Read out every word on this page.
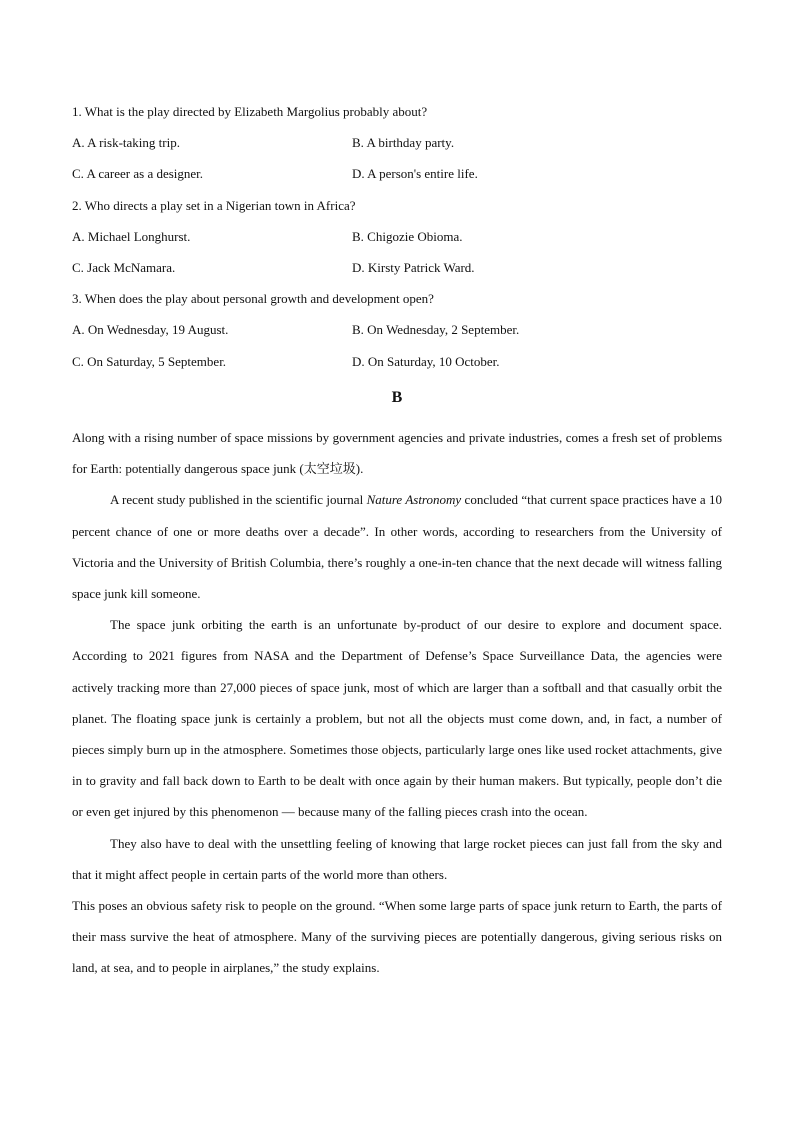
1. What is the play directed by Elizabeth Margolius probably about?
A. A risk-taking trip.	B. A birthday party.
C. A career as a designer.	D. A person's entire life.
2. Who directs a play set in a Nigerian town in Africa?
A. Michael Longhurst.	B. Chigozie Obioma.
C. Jack McNamara.	D. Kirsty Patrick Ward.
3. When does the play about personal growth and development open?
A. On Wednesday, 19 August.	B. On Wednesday, 2 September.
C. On Saturday, 5 September.	D. On Saturday, 10 October.
B

Along with a rising number of space missions by government agencies and private industries, comes a fresh set of problems for Earth: potentially dangerous space junk (太空垃圾).

A recent study published in the scientific journal Nature Astronomy concluded “that current space practices have a 10 percent chance of one or more deaths over a decade”. In other words, according to researchers from the University of Victoria and the University of British Columbia, there’s roughly a one-in-ten chance that the next decade will witness falling space junk kill someone.

The space junk orbiting the earth is an unfortunate by-product of our desire to explore and document space. According to 2021 figures from NASA and the Department of Defense’s Space Surveillance Data, the agencies were actively tracking more than 27,000 pieces of space junk, most of which are larger than a softball and that casually orbit the planet. The floating space junk is certainly a problem, but not all the objects must come down, and, in fact, a number of pieces simply burn up in the atmosphere. Sometimes those objects, particularly large ones like used rocket attachments, give in to gravity and fall back down to Earth to be dealt with once again by their human makers. But typically, people don’t die or even get injured by this phenomenon — because many of the falling pieces crash into the ocean.

They also have to deal with the unsettling feeling of knowing that large rocket pieces can just fall from the sky and that it might affect people in certain parts of the world more than others.

This poses an obvious safety risk to people on the ground. “When some large parts of space junk return to Earth, the parts of their mass survive the heat of atmosphere. Many of the surviving pieces are potentially dangerous, giving serious risks on land, at sea, and to people in airplanes,” the study explains.
